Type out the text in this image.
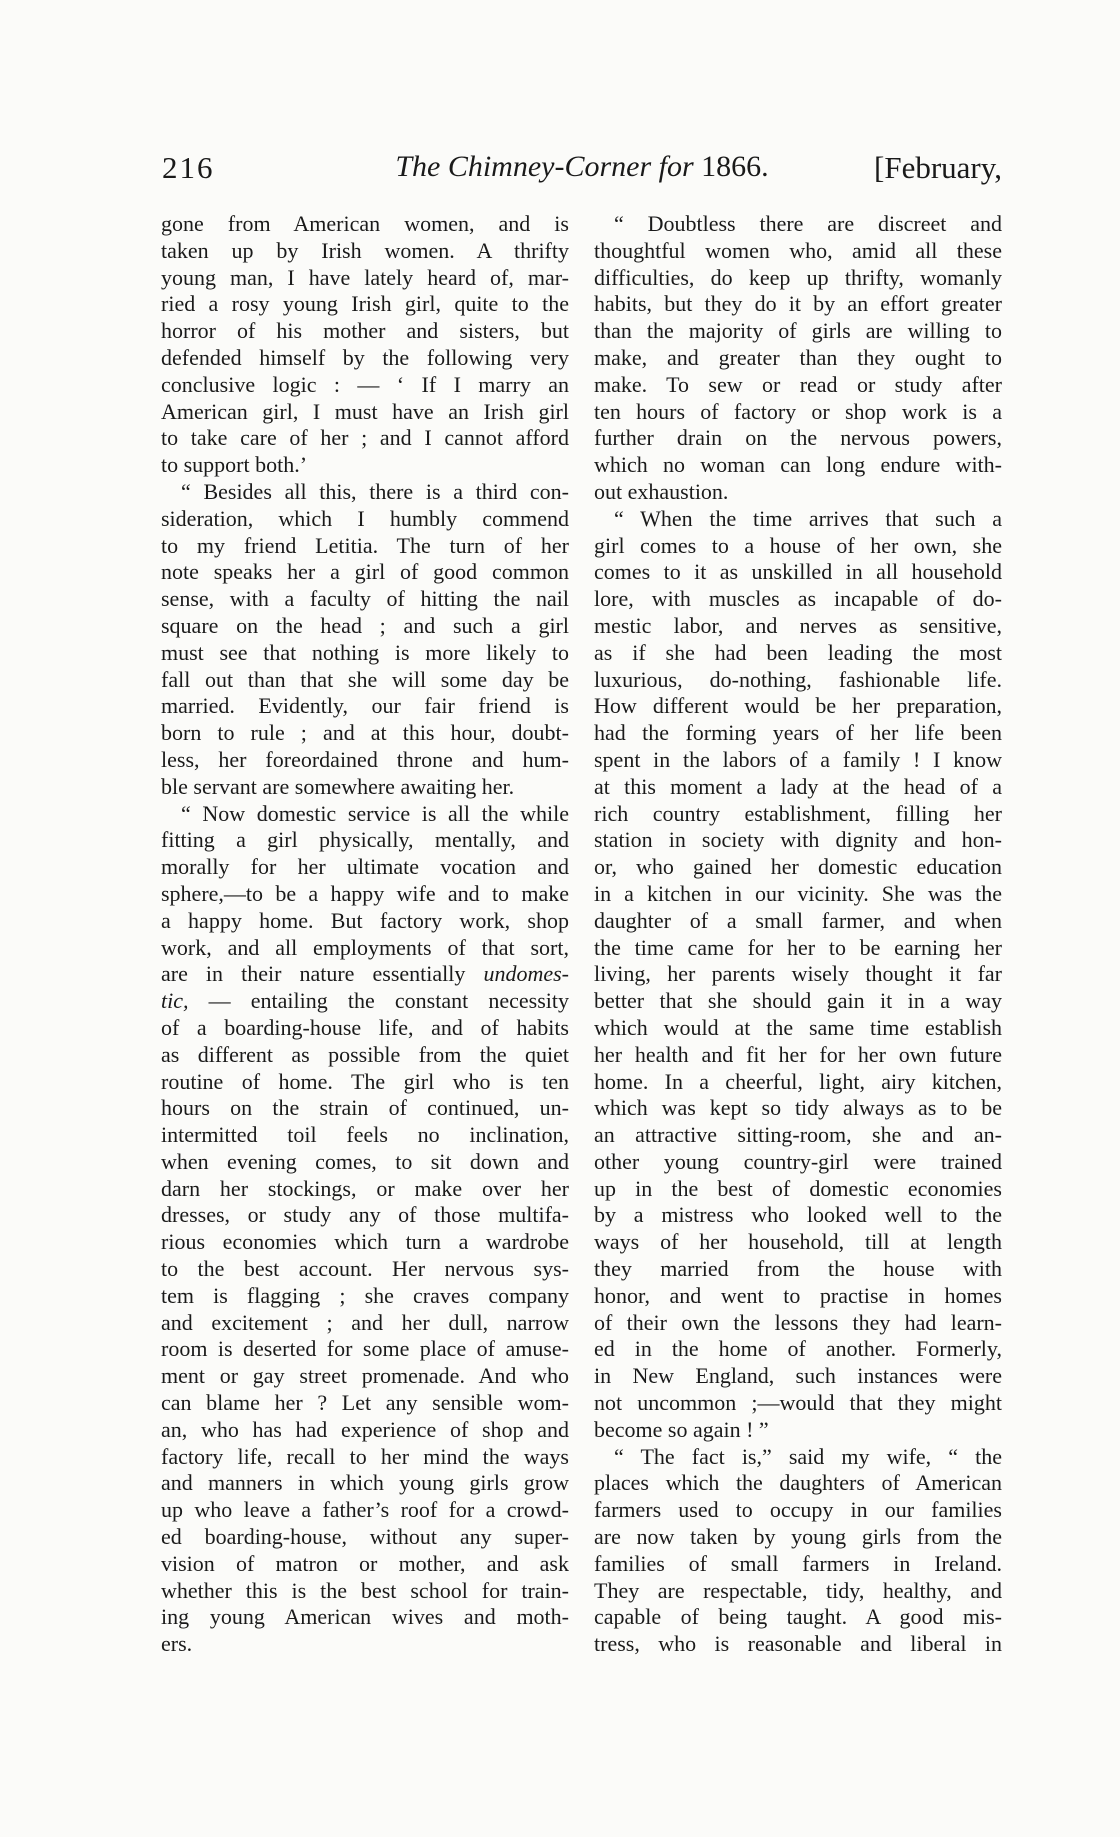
216	The Chimney-Corner for 1866.	[February,

gone from American women, and is
taken up by Irish women. A thrifty
young man, I have lately heard of, mar-
ried a rosy young Irish girl, quite to the
horror of his mother and sisters, but
defended himself by the following very
conclusive logic : — ‘ If I marry an
American girl, I must have an Irish girl
to take care of her ; and I cannot afford
to support both.’

“ Besides all this, there is a third con-
sideration, which I humbly commend
to my friend Letitia. The turn of her
note speaks her a girl of good common
sense, with a faculty of hitting the nail
square on the head ; and such a girl
must see that nothing is more likely to
fall out than that she will some day be
married. Evidently, our fair friend is
born to rule ; and at this hour, doubt-
less, her foreordained throne and hum-
ble servant are somewhere awaiting her.

“ Now domestic service is all the while
fitting a girl physically, mentally, and
morally for her ultimate vocation and
sphere,—to be a happy wife and to make
a happy home. But factory work, shop
work, and all employments of that sort,
are in their nature essentially undomes-
tic, — entailing the constant necessity
of a boarding-house life, and of habits
as different as possible from the quiet
routine of home. The girl who is ten
hours on the strain of continued, un-
intermitted toil feels no inclination,
when evening comes, to sit down and
darn her stockings, or make over her
dresses, or study any of those multifa-
rious economies which turn a wardrobe
to the best account. Her nervous sys-
tem is flagging ; she craves company
and excitement ; and her dull, narrow
room is deserted for some place of amuse-
ment or gay street promenade. And who
can blame her ? Let any sensible wom-
an, who has had experience of shop and
factory life, recall to her mind the ways
and manners in which young girls grow
up who leave a father’s roof for a crowd-
ed boarding-house, without any super-
vision of matron or mother, and ask
whether this is the best school for train-
ing young American wives and moth-
ers.

“ Doubtless there are discreet and
thoughtful women who, amid all these
difficulties, do keep up thrifty, womanly
habits, but they do it by an effort greater
than the majority of girls are willing to
make, and greater than they ought to
make. To sew or read or study after
ten hours of factory or shop work is a
further drain on the nervous powers,
which no woman can long endure with-
out exhaustion.

“ When the time arrives that such a
girl comes to a house of her own, she
comes to it as unskilled in all household
lore, with muscles as incapable of do-
mestic labor, and nerves as sensitive,
as if she had been leading the most
luxurious, do-nothing, fashionable life.
How different would be her preparation,
had the forming years of her life been
spent in the labors of a family ! I know
at this moment a lady at the head of a
rich country establishment, filling her
station in society with dignity and hon-
or, who gained her domestic education
in a kitchen in our vicinity. She was the
daughter of a small farmer, and when
the time came for her to be earning her
living, her parents wisely thought it far
better that she should gain it in a way
which would at the same time establish
her health and fit her for her own future
home. In a cheerful, light, airy kitchen,
which was kept so tidy always as to be
an attractive sitting-room, she and an-
other young country-girl were trained
up in the best of domestic economies
by a mistress who looked well to the
ways of her household, till at length
they married from the house with
honor, and went to practise in homes
of their own the lessons they had learn-
ed in the home of another. Formerly,
in New England, such instances were
not uncommon ;—would that they might
become so again ! ”

“ The fact is,” said my wife, “ the
places which the daughters of American
farmers used to occupy in our families
are now taken by young girls from the
families of small farmers in Ireland.
They are respectable, tidy, healthy, and
capable of being taught. A good mis-
tress, who is reasonable and liberal in
